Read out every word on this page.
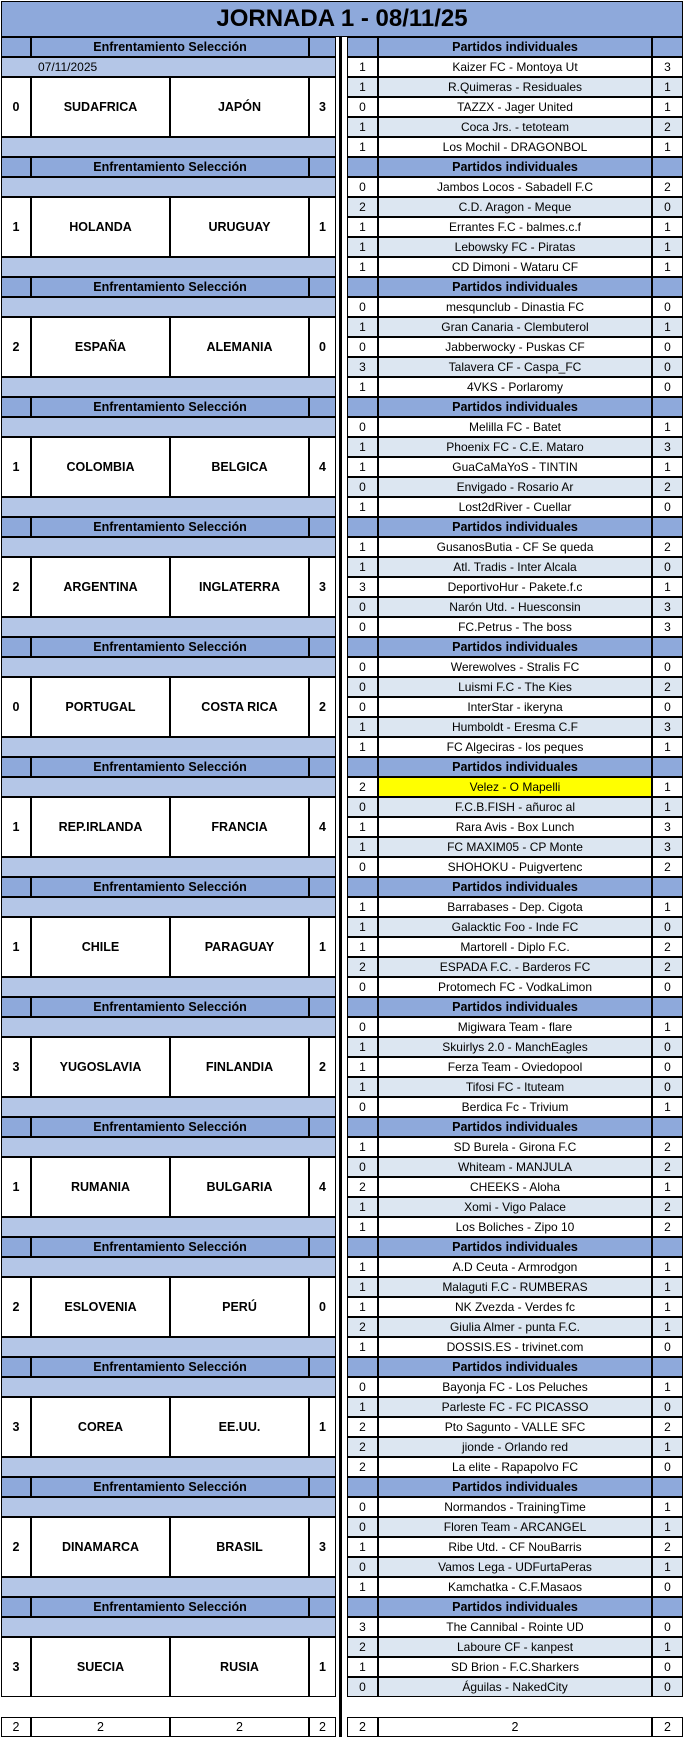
JORNADA 1 - 08/11/25
Enfrentamiento Selección	Partidos individuales
07/11/2025
0	SUDAFRICA	JAPÓN	3
1	Kaizer FC - Montoya Ut	3
1	R.Quimeras - Residuales	1
0	TAZZX - Jager United	1
1	Coca Jrs. - tetoteam	2
1	Los Mochil - DRAGONBOL	1
Enfrentamiento Selección	Partidos individuales
1	HOLANDA	URUGUAY	1
0	Jambos Locos - Sabadell F.C	2
2	C.D. Aragon - Meque	0
1	Errantes F.C - balmes.c.f	1
1	Lebowsky FC - Piratas	1
1	CD Dimoni - Wataru CF	1
Enfrentamiento Selección	Partidos individuales
2	ESPAÑA	ALEMANIA	0
0	mesqunclub - Dinastia FC	0
1	Gran Canaria - Clembuterol	1
0	Jabberwocky - Puskas CF	0
3	Talavera CF - Caspa_FC	0
1	4VKS - Porlaromy	0
Enfrentamiento Selección	Partidos individuales
1	COLOMBIA	BELGICA	4
0	Melilla FC - Batet	1
1	Phoenix FC - C.E. Mataro	3
1	GuaCaMaYoS - TINTIN	1
0	Envigado - Rosario Ar	2
1	Lost2dRiver - Cuellar	0
Enfrentamiento Selección	Partidos individuales
2	ARGENTINA	INGLATERRA	3
1	GusanosButia - CF Se queda	2
1	Atl. Tradis - Inter Alcala	0
3	DeportivoHur - Pakete.f.c	1
0	Narón Utd. - Huesconsin	3
0	FC.Petrus - The boss	3
Enfrentamiento Selección	Partidos individuales
0	PORTUGAL	COSTA RICA	2
0	Werewolves - Stralis FC	0
0	Luismi F.C - The Kies	2
0	InterStar - ikeryna	0
1	Humboldt - Eresma C.F	3
1	FC Algeciras - los peques	1
Enfrentamiento Selección	Partidos individuales
1	REP.IRLANDA	FRANCIA	4
2	Velez - O Mapelli	1
0	F.C.B.FISH - añuroc al	1
1	Rara Avis - Box Lunch	3
1	FC MAXIM05 - CP Monte	3
0	SHOHOKU - Puigvertenc	2
Enfrentamiento Selección	Partidos individuales
1	CHILE	PARAGUAY	1
1	Barrabases - Dep. Cigota	1
1	Galacktic Foo - Inde FC	0
1	Martorell - Diplo F.C.	2
2	ESPADA F.C. - Barderos FC	2
0	Protomech FC - VodkaLimon	0
Enfrentamiento Selección	Partidos individuales
3	YUGOSLAVIA	FINLANDIA	2
0	Migiwara Team - flare	1
1	Skuirlys 2.0 - ManchEagles	0
1	Ferza Team - Oviedopool	0
1	Tifosi FC - Ituteam	0
0	Berdica Fc - Trivium	1
Enfrentamiento Selección	Partidos individuales
1	RUMANIA	BULGARIA	4
1	SD Burela - Girona F.C	2
0	Whiteam - MANJULA	2
2	CHEEKS - Aloha	1
1	Xomi - Vigo Palace	2
1	Los Boliches - Zipo 10	2
Enfrentamiento Selección	Partidos individuales
2	ESLOVENIA	PERÚ	0
1	A.D Ceuta - Armrodgon	1
1	Malaguti F.C - RUMBERAS	1
1	NK Zvezda - Verdes fc	1
2	Giulia Almer - punta F.C.	1
1	DOSSIS.ES - trivinet.com	0
Enfrentamiento Selección	Partidos individuales
3	COREA	EE.UU.	1
0	Bayonja FC - Los Peluches	1
1	Parleste FC - FC PICASSO	0
2	Pto Sagunto - VALLE SFC	2
2	jionde - Orlando red	1
2	La elite - Rapapolvo FC	0
Enfrentamiento Selección	Partidos individuales
2	DINAMARCA	BRASIL	3
0	Normandos - TrainingTime	1
0	Floren Team - ARCANGEL	1
1	Ribe Utd. - CF NouBarris	2
0	Vamos Lega - UDFurtaPeras	1
1	Kamchatka - C.F.Masaos	0
Enfrentamiento Selección	Partidos individuales
3	SUECIA	RUSIA	1
3	The Cannibal - Rointe UD	0
2	Laboure CF - kanpest	1
1	SD Brion - F.C.Sharkers	0
0	Águilas - NakedCity	0
2	2	2	2	2	2	2
